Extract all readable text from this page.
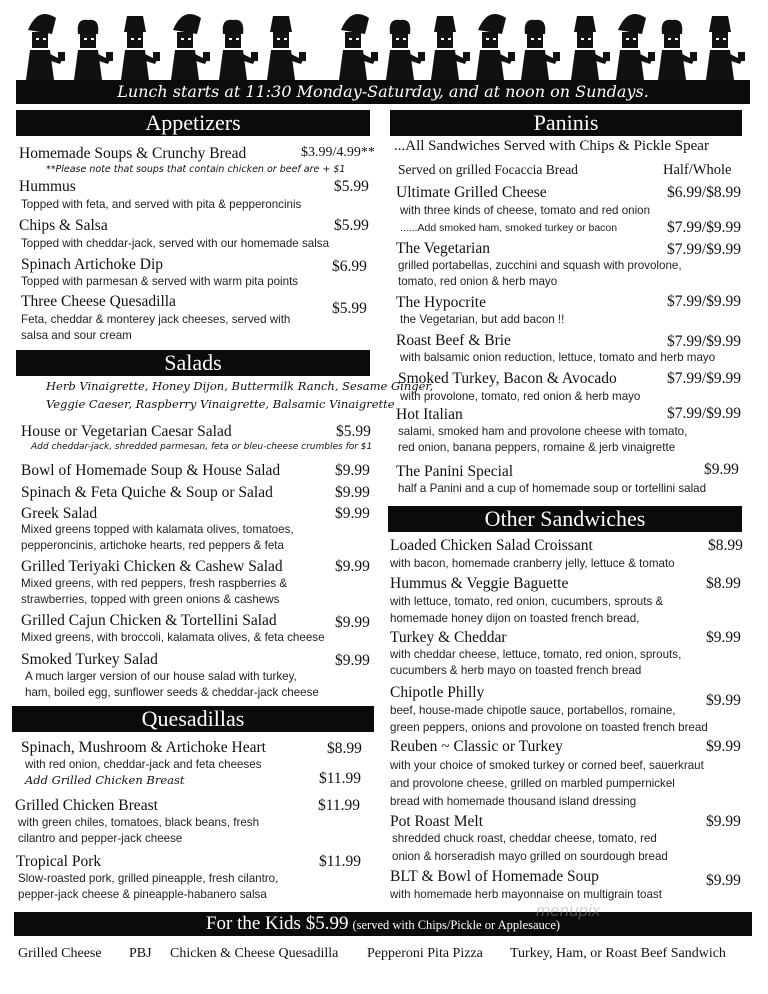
Lunch starts at 11:30 Monday-Saturday, and at noon on Sundays.
Appetizers
Homemade Soups & Crunchy Bread	$3.99/4.99**
**Please note that soups that contain chicken or beef are + $1
Hummus	$5.99
Topped with feta, and served with pita & pepperoncinis
Chips & Salsa	$5.99
Topped with cheddar-jack, served with our homemade salsa
Spinach Artichoke Dip	$6.99
Topped with parmesan & served with warm pita points
Three Cheese Quesadilla	$5.99
Feta, cheddar & monterey jack cheeses, served with
salsa and sour cream
Salads
Herb Vinaigrette, Honey Dijon, Buttermilk Ranch, Sesame Ginger,
Veggie Caeser, Raspberry Vinaigrette, Balsamic Vinaigrette
House or Vegetarian Caesar Salad	$5.99
Add cheddar-jack, shredded parmesan, feta or bleu-cheese crumbles for $1
Bowl of Homemade Soup & House Salad	$9.99
Spinach & Feta Quiche & Soup or Salad	$9.99
Greek Salad	$9.99
Mixed greens topped with kalamata olives, tomatoes,
pepperoncinis, artichoke hearts, red peppers & feta
Grilled Teriyaki Chicken & Cashew Salad	$9.99
Mixed greens, with red peppers, fresh raspberries &
strawberries, topped with green onions & cashews
Grilled Cajun Chicken & Tortellini Salad	$9.99
Mixed greens, with broccoli, kalamata olives, & feta cheese
Smoked Turkey Salad	$9.99
A much larger version of our house salad with turkey,
ham, boiled egg, sunflower seeds & cheddar-jack cheese
Quesadillas
Spinach, Mushroom & Artichoke Heart	$8.99
with red onion, cheddar-jack and feta cheeses
Add Grilled Chicken Breast	$11.99
Grilled Chicken Breast	$11.99
with green chiles, tomatoes, black beans, fresh
cilantro and pepper-jack cheese
Tropical Pork	$11.99
Slow-roasted pork, grilled pineapple, fresh cilantro,
pepper-jack cheese & pineapple-habanero salsa
Paninis
...All Sandwiches Served with Chips & Pickle Spear
Served on grilled Focaccia Bread	Half/Whole
Ultimate Grilled Cheese	$6.99/$8.99
with three kinds of cheese, tomato and red onion
......Add smoked ham, smoked turkey or bacon	$7.99/$9.99
The Vegetarian	$7.99/$9.99
grilled portabellas, zucchini and squash with provolone,
tomato, red onion & herb mayo
The Hypocrite	$7.99/$9.99
the Vegetarian, but add bacon !!
Roast Beef & Brie	$7.99/$9.99
with balsamic onion reduction, lettuce, tomato and herb mayo
Smoked Turkey, Bacon & Avocado	$7.99/$9.99
with provolone, tomato, red onion & herb mayo
Hot Italian	$7.99/$9.99
salami, smoked ham and provolone cheese with tomato,
red onion, banana peppers, romaine & jerb vinaigrette
The Panini Special	$9.99
half a Panini and a cup of homemade soup or tortellini salad
Other Sandwiches
Loaded Chicken Salad Croissant	$8.99
with bacon, homemade cranberry jelly, lettuce & tomato
Hummus & Veggie Baguette	$8.99
with lettuce, tomato, red onion, cucumbers, sprouts &
homemade honey dijon on toasted french bread,
Turkey & Cheddar	$9.99
with cheddar cheese, lettuce, tomato, red onion, sprouts,
cucumbers & herb mayo on toasted french bread
Chipotle Philly	$9.99
beef, house-made chipotle sauce, portabellos, romaine,
green peppers, onions and provolone on toasted french bread
Reuben ~ Classic or Turkey	$9.99
with your choice of smoked turkey or corned beef, sauerkraut
and provolone cheese, grilled on marbled pumpernickel
bread with homemade thousand island dressing
Pot Roast Melt	$9.99
shredded chuck roast, cheddar cheese, tomato, red
onion & horseradish mayo grilled on sourdough bread
BLT & Bowl of Homemade Soup	$9.99
with homemade herb mayonnaise on multigrain toast
For the Kids $5.99 (served with Chips/Pickle or Applesauce)
menupix
Grilled Cheese PBJ Chicken & Cheese Quesadilla Pepperoni Pita Pizza Turkey, Ham, or Roast Beef Sandwich
